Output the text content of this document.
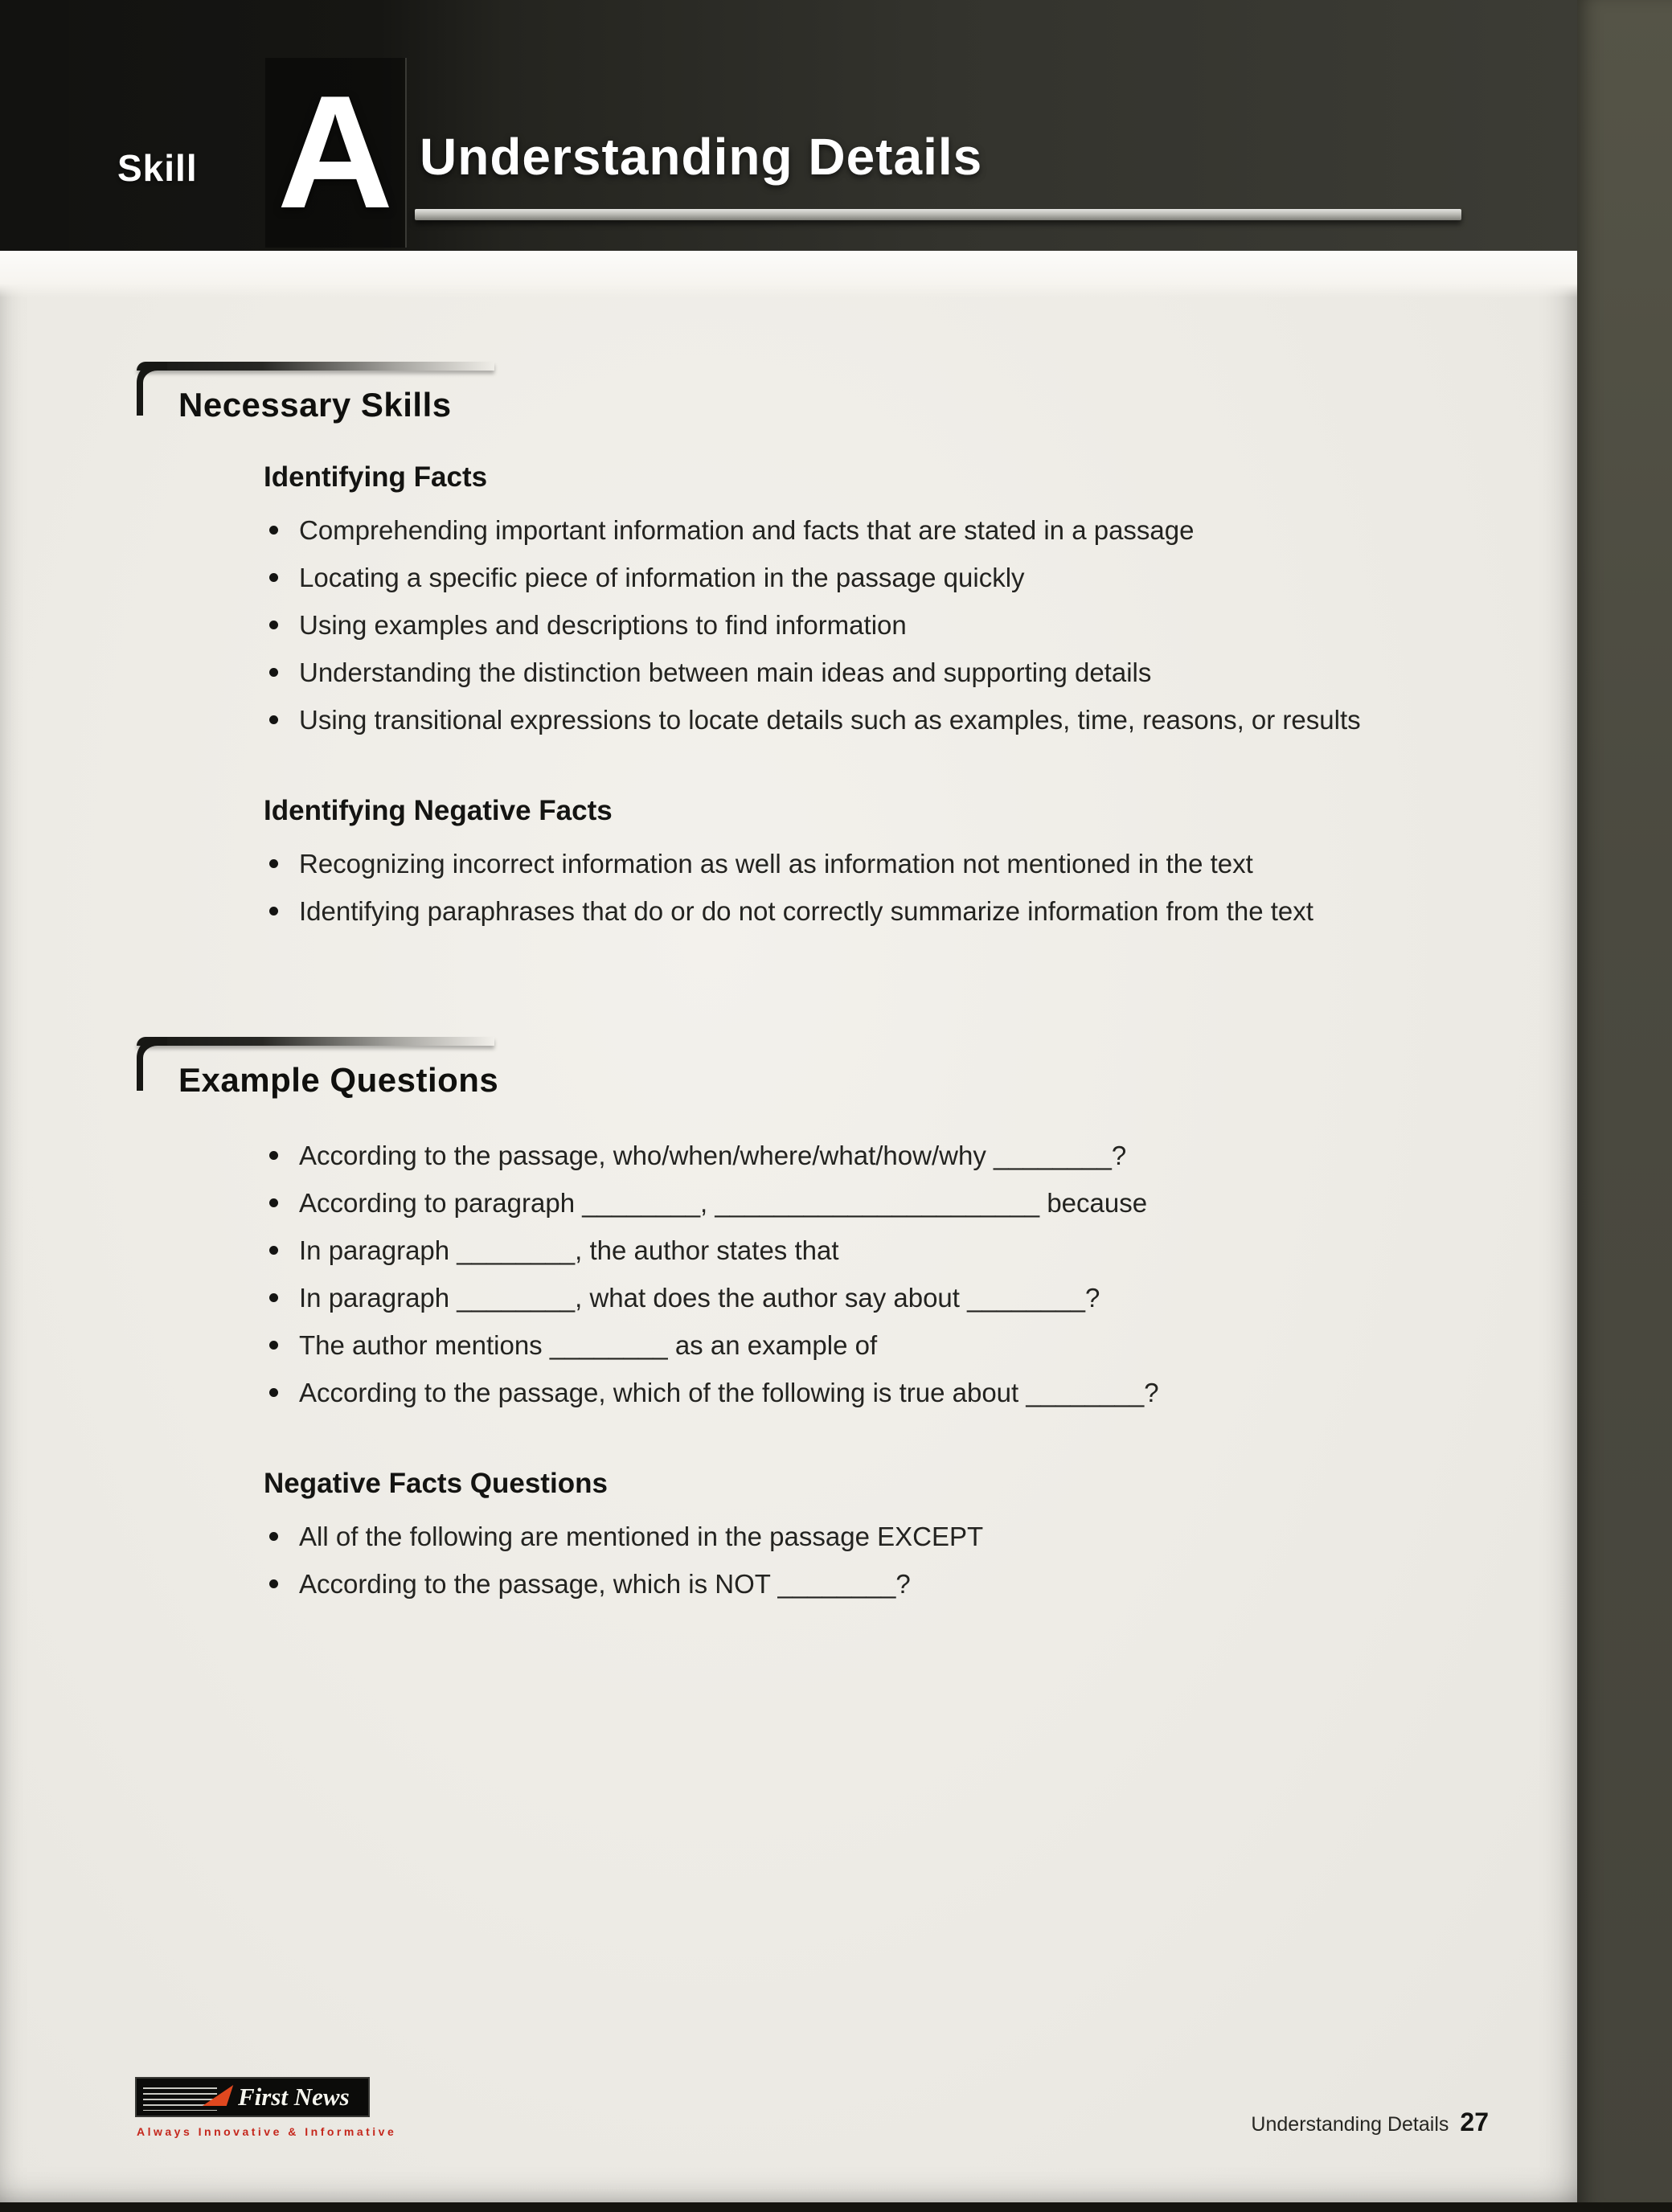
Skill A Understanding Details
Necessary Skills
Identifying Facts
Comprehending important information and facts that are stated in a passage
Locating a specific piece of information in the passage quickly
Using examples and descriptions to find information
Understanding the distinction between main ideas and supporting details
Using transitional expressions to locate details such as examples, time, reasons, or results
Identifying Negative Facts
Recognizing incorrect information as well as information not mentioned in the text
Identifying paraphrases that do or do not correctly summarize information from the text
Example Questions
According to the passage, who/when/where/what/how/why ________?
According to paragraph ________, ______________________ because
In paragraph ________, the author states that
In paragraph ________, what does the author say about ________?
The author mentions ________ as an example of
According to the passage, which of the following is true about ________?
Negative Facts Questions
All of the following are mentioned in the passage EXCEPT
According to the passage, which is NOT ________?
First News
Always Innovative & Informative	Understanding Details 27
